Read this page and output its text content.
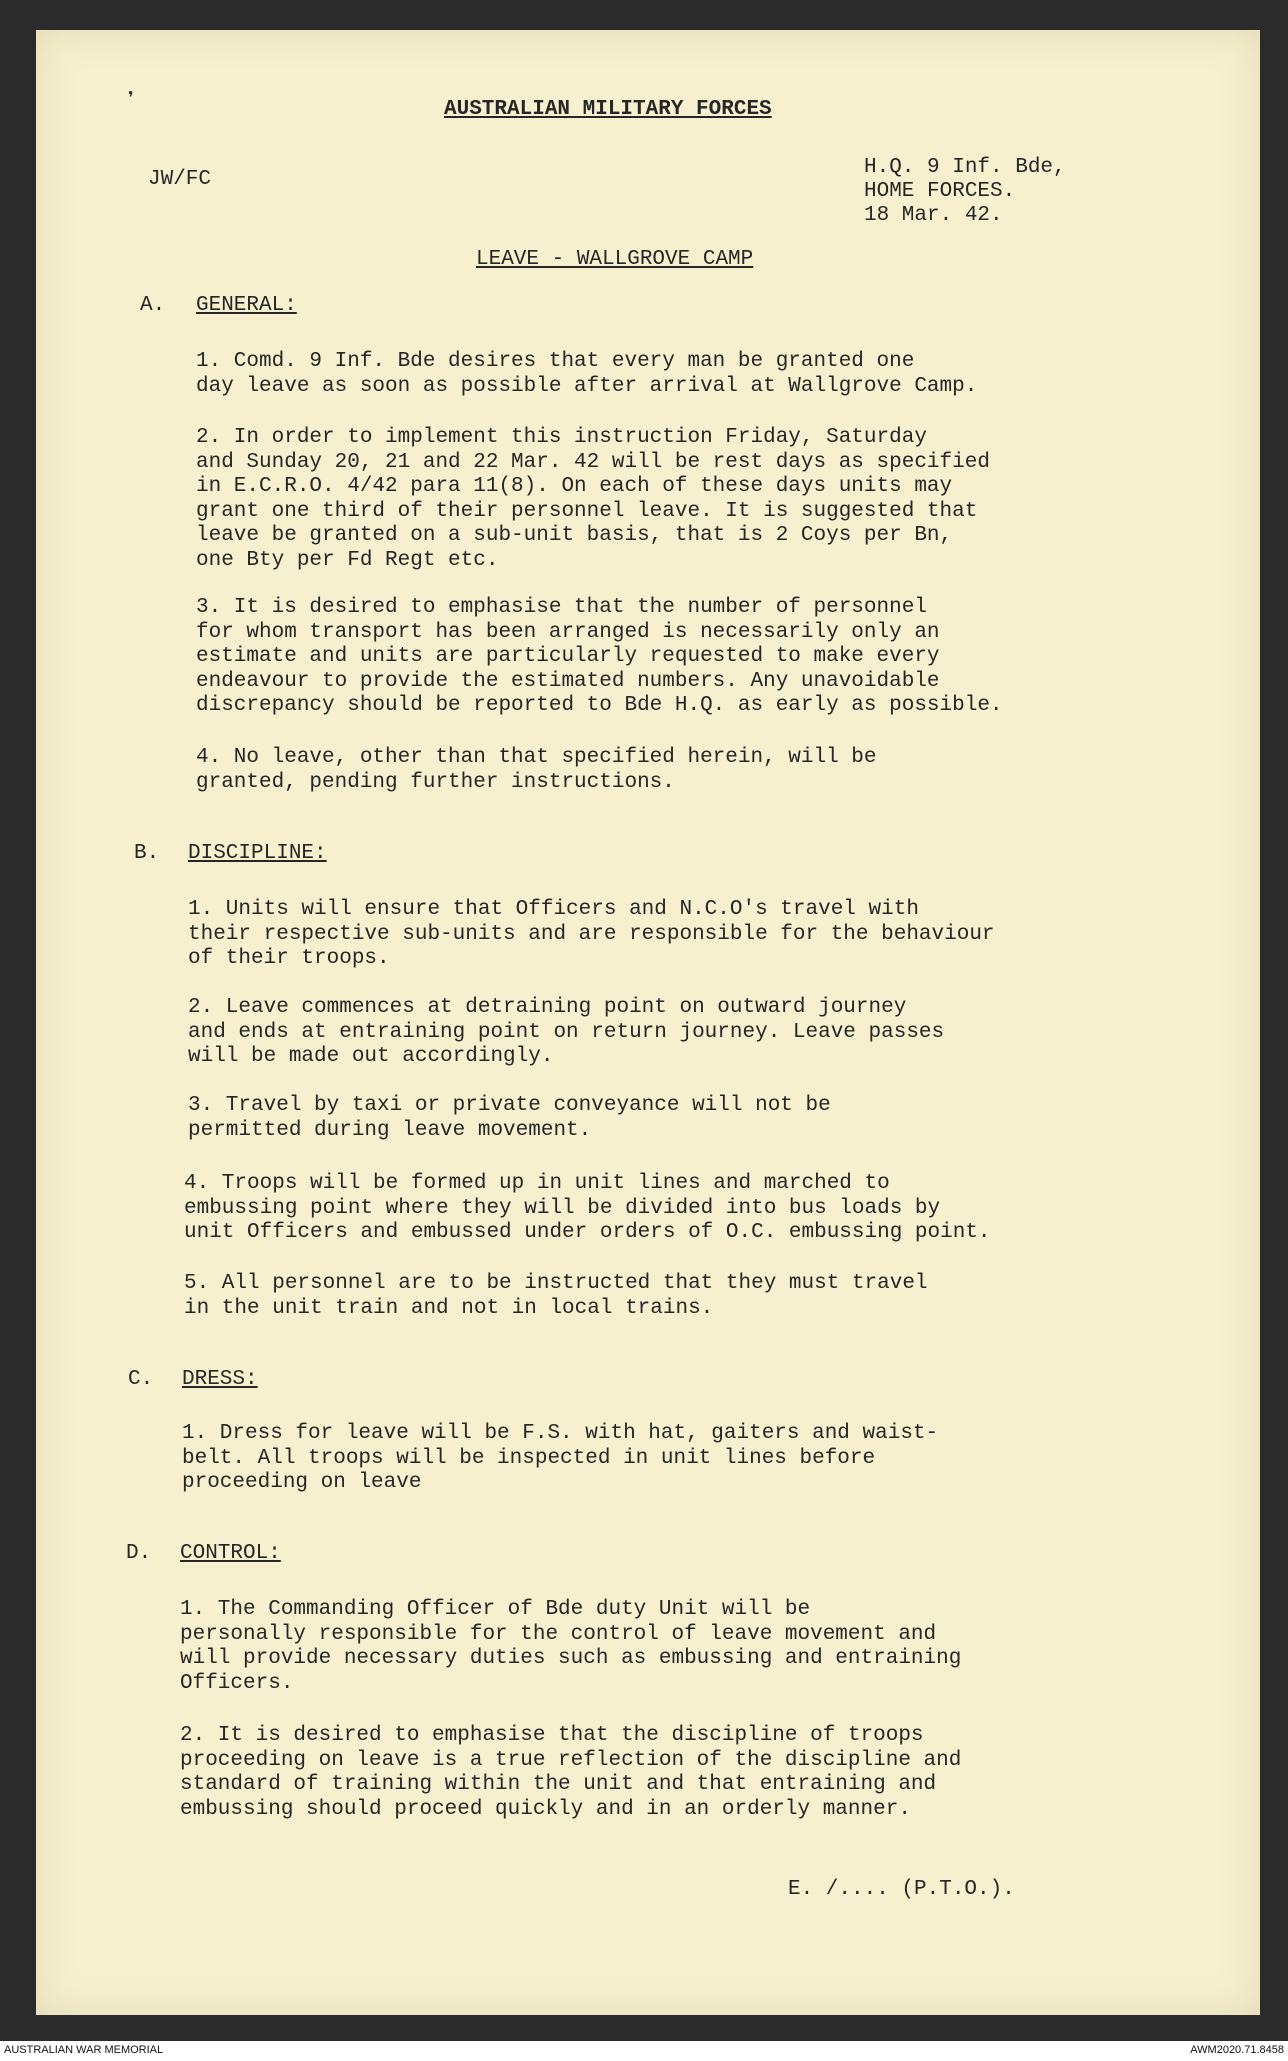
❜	AUSTRALIAN MILITARY FORCES
JW/FC
H.Q. 9 Inf. Bde,
HOME FORCES.
18 Mar. 42.
LEAVE - WALLGROVE CAMP
A. GENERAL:
1. Comd. 9 Inf. Bde desires that every man be granted one
day leave as soon as possible after arrival at Wallgrove Camp.
2. In order to implement this instruction Friday, Saturday
and Sunday 20, 21 and 22 Mar. 42 will be rest days as specified
in E.C.R.O. 4/42 para 11(8). On each of these days units may
grant one third of their personnel leave. It is suggested that
leave be granted on a sub-unit basis, that is 2 Coys per Bn,
one Bty per Fd Regt etc.
3. It is desired to emphasise that the number of personnel
for whom transport has been arranged is necessarily only an
estimate and units are particularly requested to make every
endeavour to provide the estimated numbers. Any unavoidable
discrepancy should be reported to Bde H.Q. as early as possible.
4. No leave, other than that specified herein, will be
granted, pending further instructions.
B. DISCIPLINE:
1. Units will ensure that Officers and N.C.O's travel with
their respective sub-units and are responsible for the behaviour
of their troops.
2. Leave commences at detraining point on outward journey
and ends at entraining point on return journey. Leave passes
will be made out accordingly.
3. Travel by taxi or private conveyance will not be
permitted during leave movement.
4. Troops will be formed up in unit lines and marched to
embussing point where they will be divided into bus loads by
unit Officers and embussed under orders of O.C. embussing point.
5. All personnel are to be instructed that they must travel
in the unit train and not in local trains.
C. DRESS:
1. Dress for leave will be F.S. with hat, gaiters and waist-
belt. All troops will be inspected in unit lines before
proceeding on leave
D. CONTROL:
1. The Commanding Officer of Bde duty Unit will be
personally responsible for the control of leave movement and
will provide necessary duties such as embussing and entraining
Officers.
2. It is desired to emphasise that the discipline of troops
proceeding on leave is a true reflection of the discipline and
standard of training within the unit and that entraining and
embussing should proceed quickly and in an orderly manner.
E. /.... (P.T.O.).
AUSTRALIAN WAR MEMORIAL	AWM2020.71.8458
